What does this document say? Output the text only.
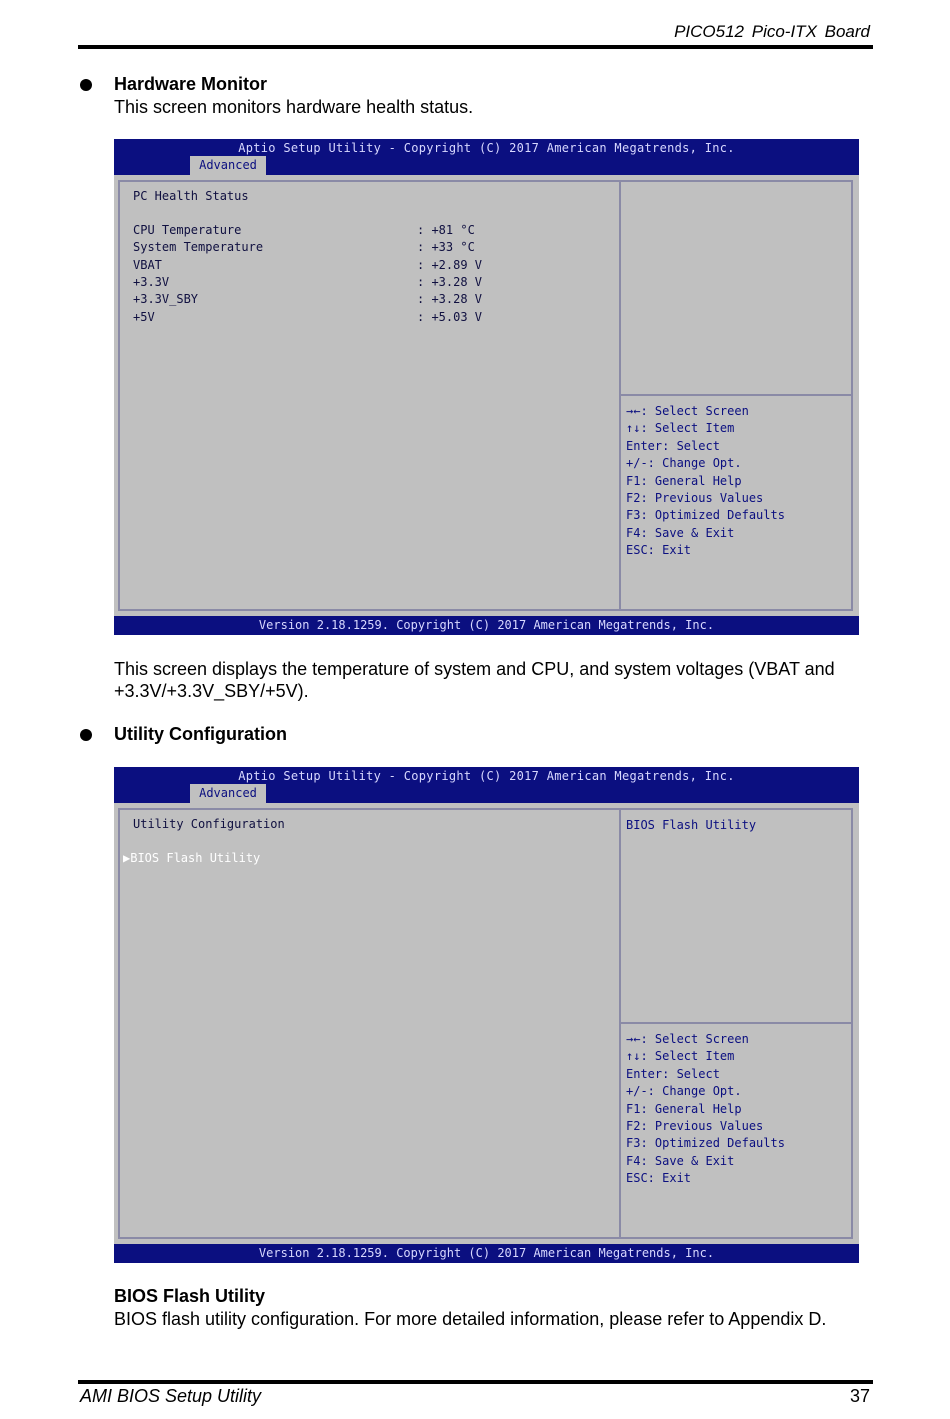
PICO512 Pico-ITX Board
Hardware Monitor
This screen monitors hardware health status.
Aptio Setup Utility - Copyright (C) 2017 American Megatrends, Inc.
Advanced
PC Health Status
CPU Temperature	: +81 °C
System Temperature	: +33 °C
VBAT	: +2.89 V
+3.3V	: +3.28 V
+3.3V_SBY	: +3.28 V
+5V	: +5.03 V
→←: Select Screen
↑↓: Select Item
Enter: Select
+/-: Change Opt.
F1: General Help
F2: Previous Values
F3: Optimized Defaults
F4: Save & Exit
ESC: Exit
Version 2.18.1259. Copyright (C) 2017 American Megatrends, Inc.
This screen displays the temperature of system and CPU, and system voltages (VBAT and
+3.3V/+3.3V_SBY/+5V).
Utility Configuration
Aptio Setup Utility - Copyright (C) 2017 American Megatrends, Inc.
Advanced
Utility Configuration
▶BIOS Flash Utility
BIOS Flash Utility
→←: Select Screen
↑↓: Select Item
Enter: Select
+/-: Change Opt.
F1: General Help
F2: Previous Values
F3: Optimized Defaults
F4: Save & Exit
ESC: Exit
Version 2.18.1259. Copyright (C) 2017 American Megatrends, Inc.
BIOS Flash Utility
BIOS flash utility configuration. For more detailed information, please refer to Appendix D.
AMI BIOS Setup Utility	37
